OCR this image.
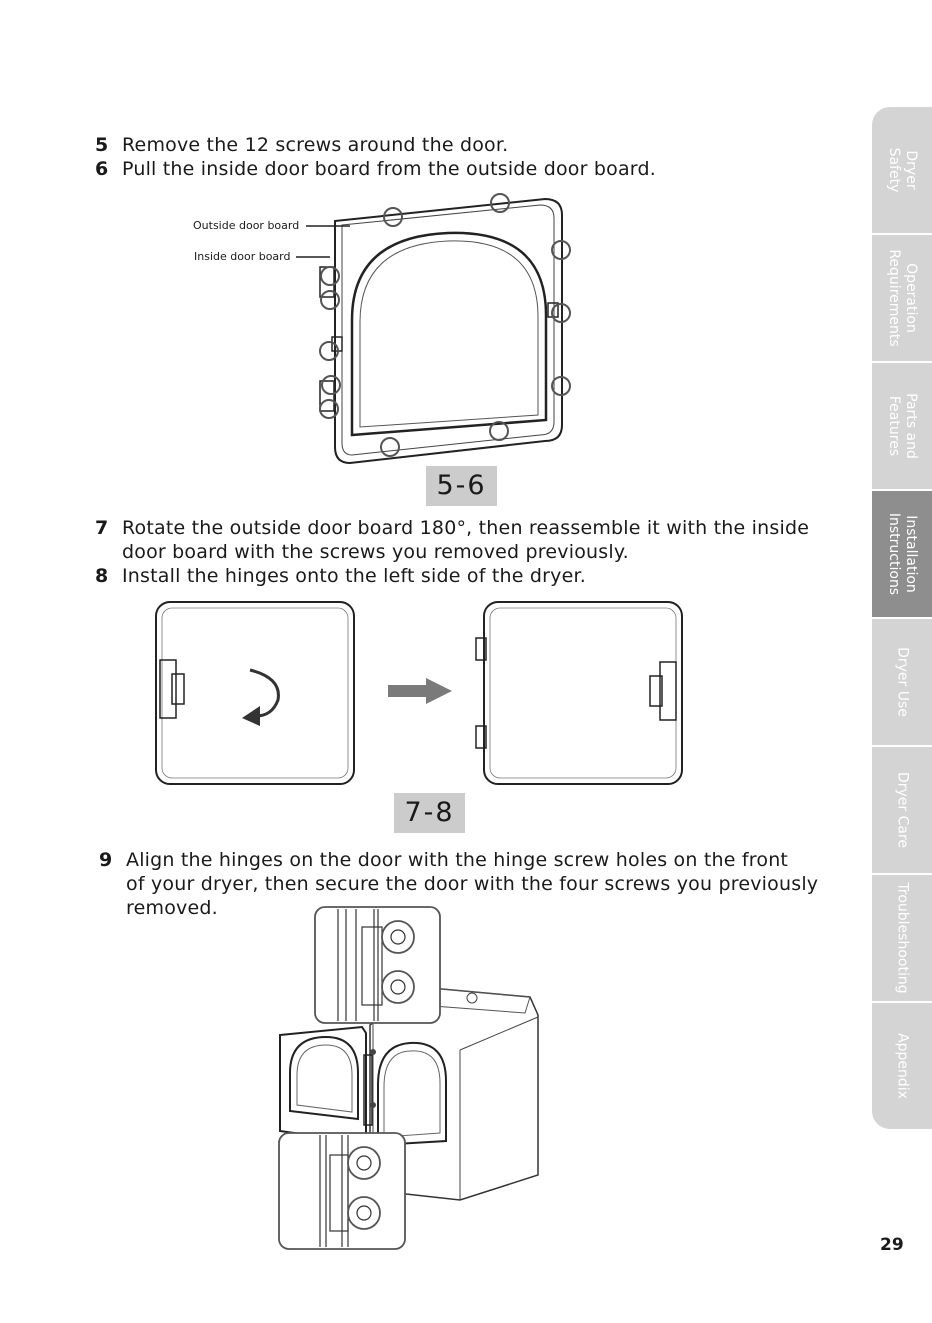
5 Remove the 12 screws around the door.
6 Pull the inside door board from the outside door board.
Outside door board
Inside door board
5-6
7 Rotate the outside door board 180°, then reassemble it with the inside
door board with the screws you removed previously.
8 Install the hinges onto the left side of the dryer.
7-8
9 Align the hinges on the door with the hinge screw holes on the front
of your dryer, then secure the door with the four screws you previously
removed.
Dryer
Safety
Operation
Requirements
Parts and
Features
Installation
Instructions
Dryer Use
Dryer Care
Troubleshooting
Appendix
29
